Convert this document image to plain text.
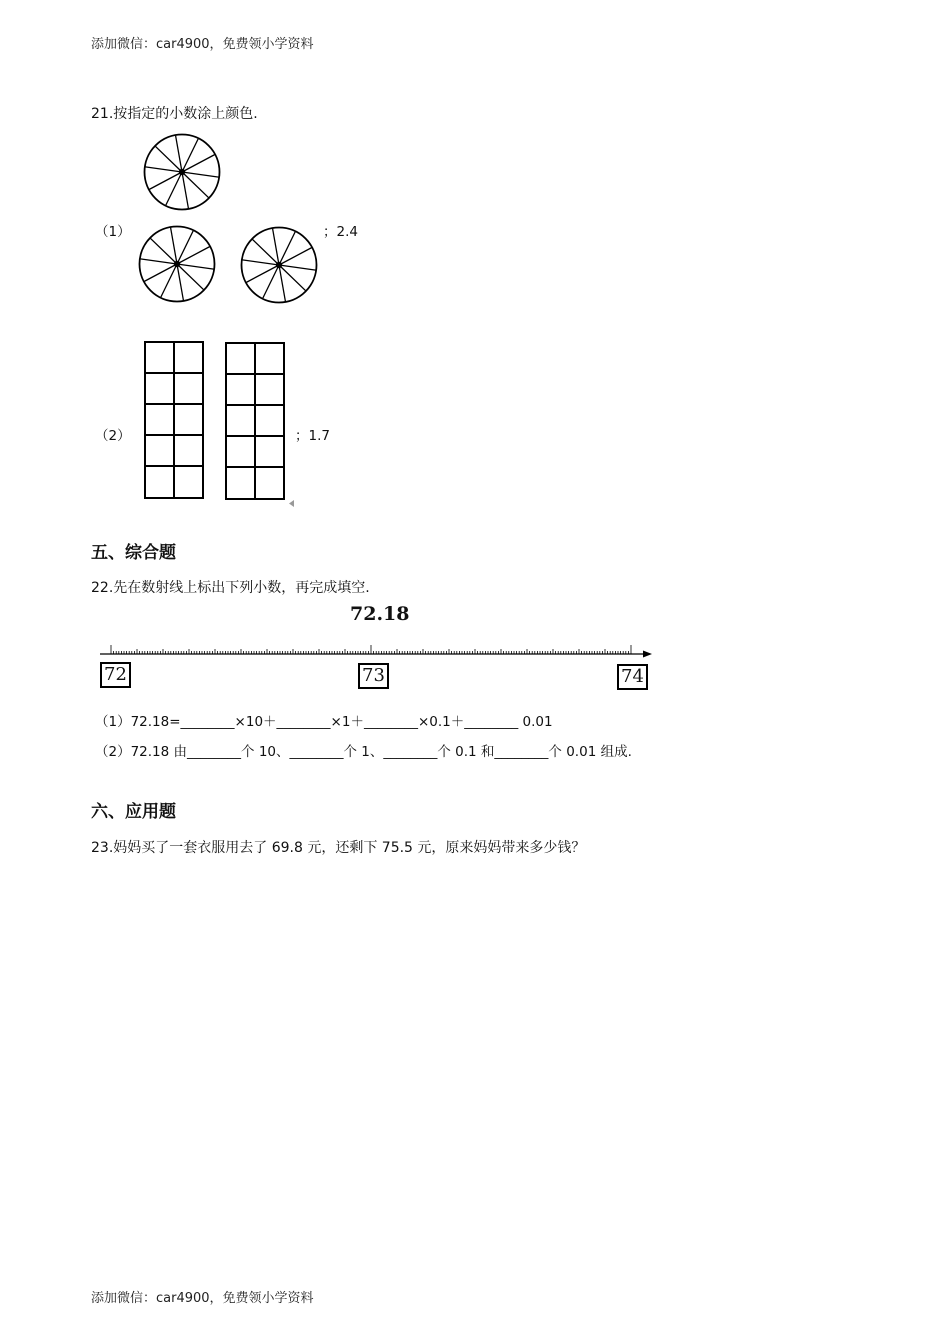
添加微信：car4900，免费领小学资料
21.按指定的小数涂上颜色.
（1）	；2.4
（2）	；1.7
五、综合题
22.先在数射线上标出下列小数，再完成填空.
72.18
72	73	74
（1）72.18=________×10＋________×1＋________×0.1＋________ 0.01
（2）72.18 由________个 10、________个 1、________个 0.1 和________个 0.01 组成.
六、应用题
23.妈妈买了一套衣服用去了 69.8 元，还剩下 75.5 元，原来妈妈带来多少钱？
添加微信：car4900，免费领小学资料
